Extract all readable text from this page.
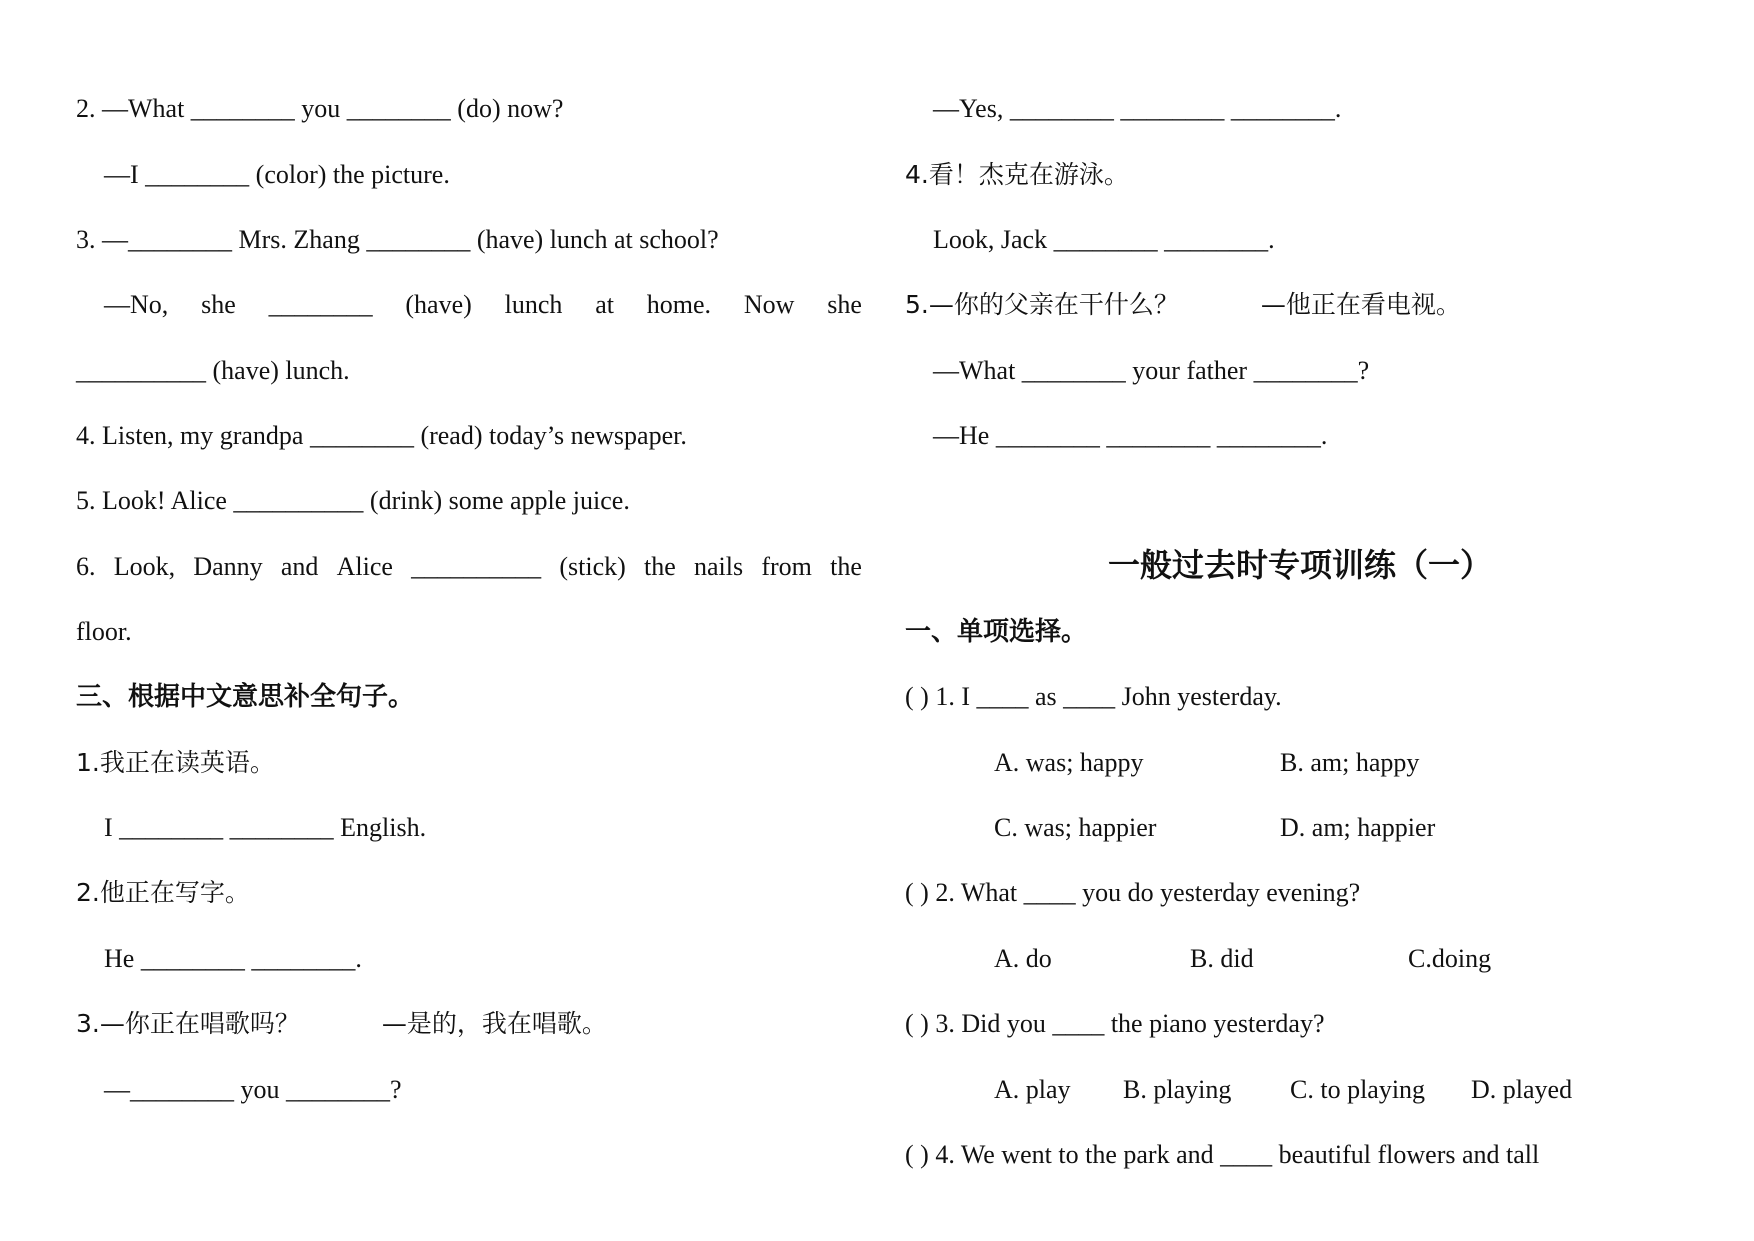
2. —What ________ you ________ (do) now?
—I ________ (color) the picture.
3. —________ Mrs. Zhang ________ (have) lunch at school?
—No, she ________ (have) lunch at home. Now she
__________ (have) lunch.
4. Listen, my grandpa ________ (read) today’s newspaper.
5. Look! Alice __________ (drink) some apple juice.
6. Look, Danny and Alice __________ (stick) the nails from the
floor.
三、根据中文意思补全句子。
1.我正在读英语。
I ________ ________ English.
2.他正在写字。
He ________ ________.
3.—你正在唱歌吗？	—是的，我在唱歌。
—________ you ________?
—Yes, ________ ________ ________.
4.看！杰克在游泳。
Look, Jack ________ ________.
5.—你的父亲在干什么？	—他正在看电视。
—What ________ your father ________?
—He ________ ________ ________.
一般过去时专项训练（一）
一、单项选择。
( ) 1. I ____ as ____ John yesterday.
A. was; happy	B. am; happy
C. was; happier	D. am; happier
( ) 2. What ____ you do yesterday evening?
A. do	B. did	C.doing
( ) 3. Did you ____ the piano yesterday?
A. play B. playing C. to playing D. played
( ) 4. We went to the park and ____ beautiful flowers and tall
